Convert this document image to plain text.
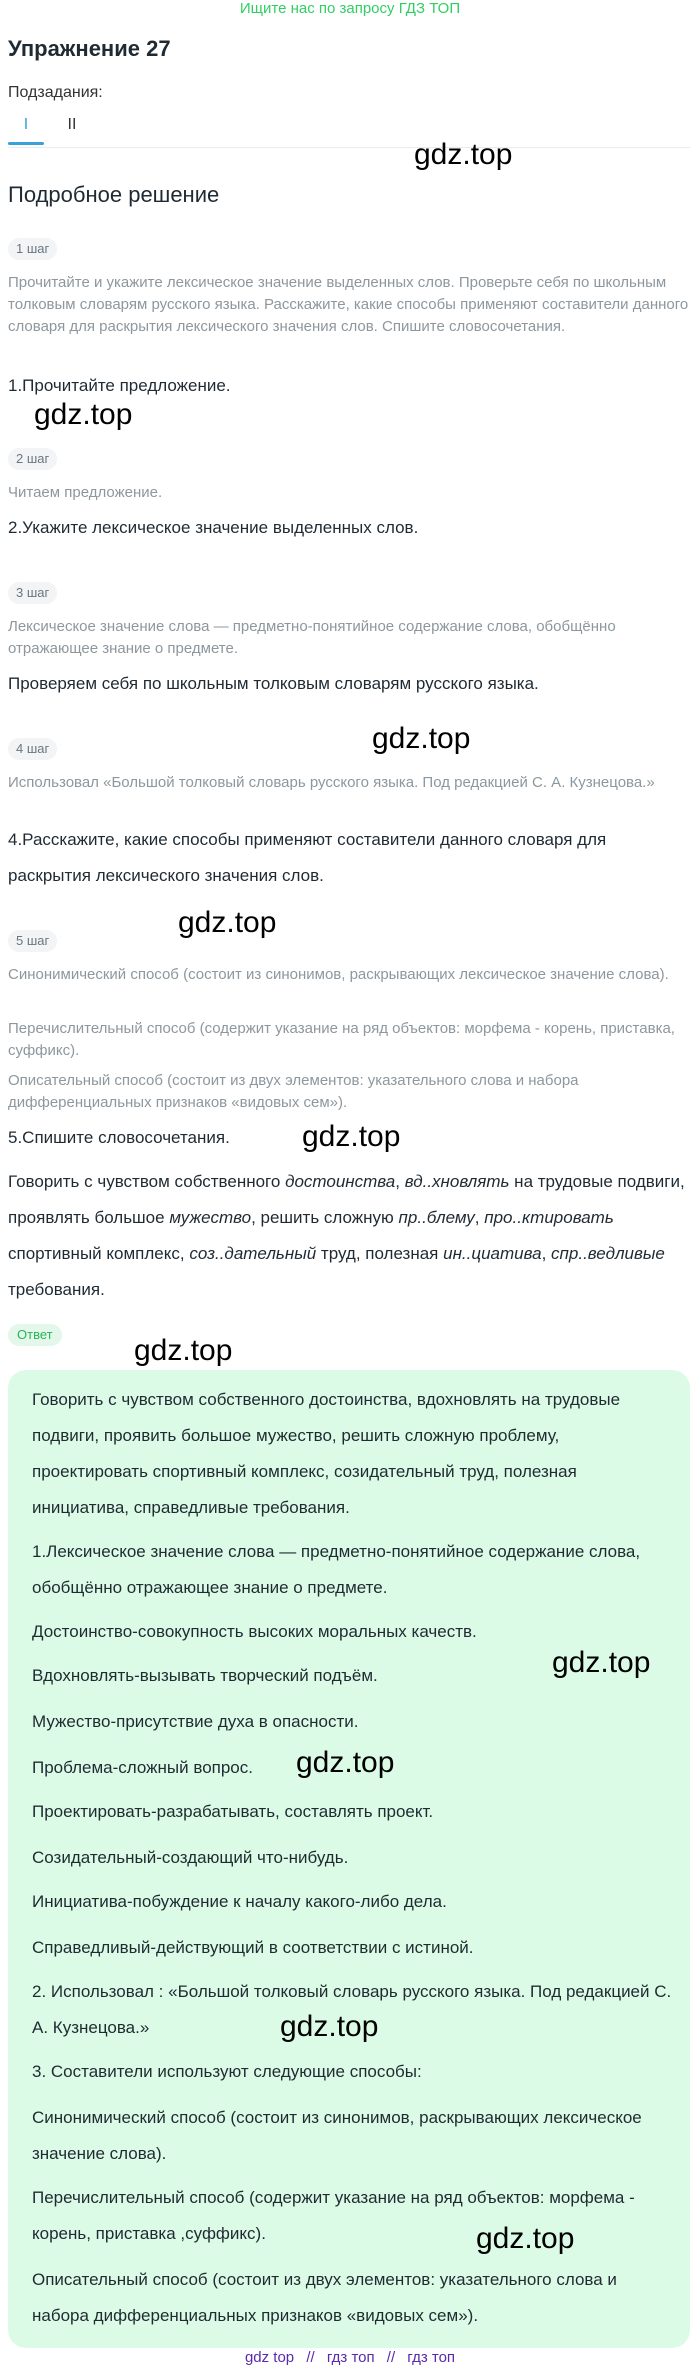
Ищите нас по запросу ГДЗ ТОП
Упражнение 27
Подзадания:
I	II
gdz.top
Подробное решение
1 шаг
Прочитайте и укажите лексическое значение выделенных слов. Проверьте себя по школьным толковым словарям русского языка. Расскажите, какие способы применяют составители данного словаря для раскрытия лексического значения слов. Спишите словосочетания.
1.Прочитайте предложение.
gdz.top
2 шаг
Читаем предложение.
2.Укажите лексическое значение выделенных слов.
3 шаг
Лексическое значение слова — предметно-понятийное содержание слова, обобщённо отражающее знание о предмете.
Проверяем себя по школьным толковым словарям русского языка.
4 шаг	gdz.top
Использовал «Большой толковый словарь русского языка. Под редакцией С. А. Кузнецова.»
4.Расскажите, какие способы применяют составители данного словаря для
раскрытия лексического значения слов.
5 шаг
gdz.top
Синонимический способ (состоит из синонимов, раскрывающих лексическое значение слова).
Перечислительный способ (содержит указание на ряд объектов: морфема - корень, приставка, суффикс).
Описательный способ (состоит из двух элементов: указательного слова и набора дифференциальных признаков «видовых сем»).
5.Спишите словосочетания.	gdz.top
Говорить с чувством собственного достоинства, вд..хновлять на трудовые подвиги, проявлять большое мужество, решить сложную пр..блему, про..ктировать спортивный комплекс, соз..дательный труд, полезная ин..циатива, спр..ведливые требования.
Ответ	gdz.top
Говорить с чувством собственного достоинства, вдохновлять на трудовые подвиги, проявить большое мужество, решить сложную проблему, проектировать спортивный комплекс, созидательный труд, полезная инициатива, справедливые требования.
1.Лексическое значение слова — предметно-понятийное содержание слова, обобщённо отражающее знание о предмете.
Достоинство-совокупность высоких моральных качеств.
Вдохновлять-вызывать творческий подъём.	gdz.top
Мужество-присутствие духа в опасности.
Проблема-сложный вопрос.	gdz.top
Проектировать-разрабатывать, составлять проект.
Созидательный-создающий что-нибудь.
Инициатива-побуждение к началу какого-либо дела.
Справедливый-действующий в соответствии с истиной.
2. Использовал : «Большой толковый словарь русского языка. Под редакцией С. А. Кузнецова.»	gdz.top
3. Составители используют следующие способы:
Синонимический способ (состоит из синонимов, раскрывающих лексическое значение слова).
Перечислительный способ (содержит указание на ряд объектов: морфема - корень, приставка ,суффикс).	gdz.top
Описательный способ (состоит из двух элементов: указательного слова и набора дифференциальных признаков «видовых сем»).
gdz top // гдз топ // гдз топ
